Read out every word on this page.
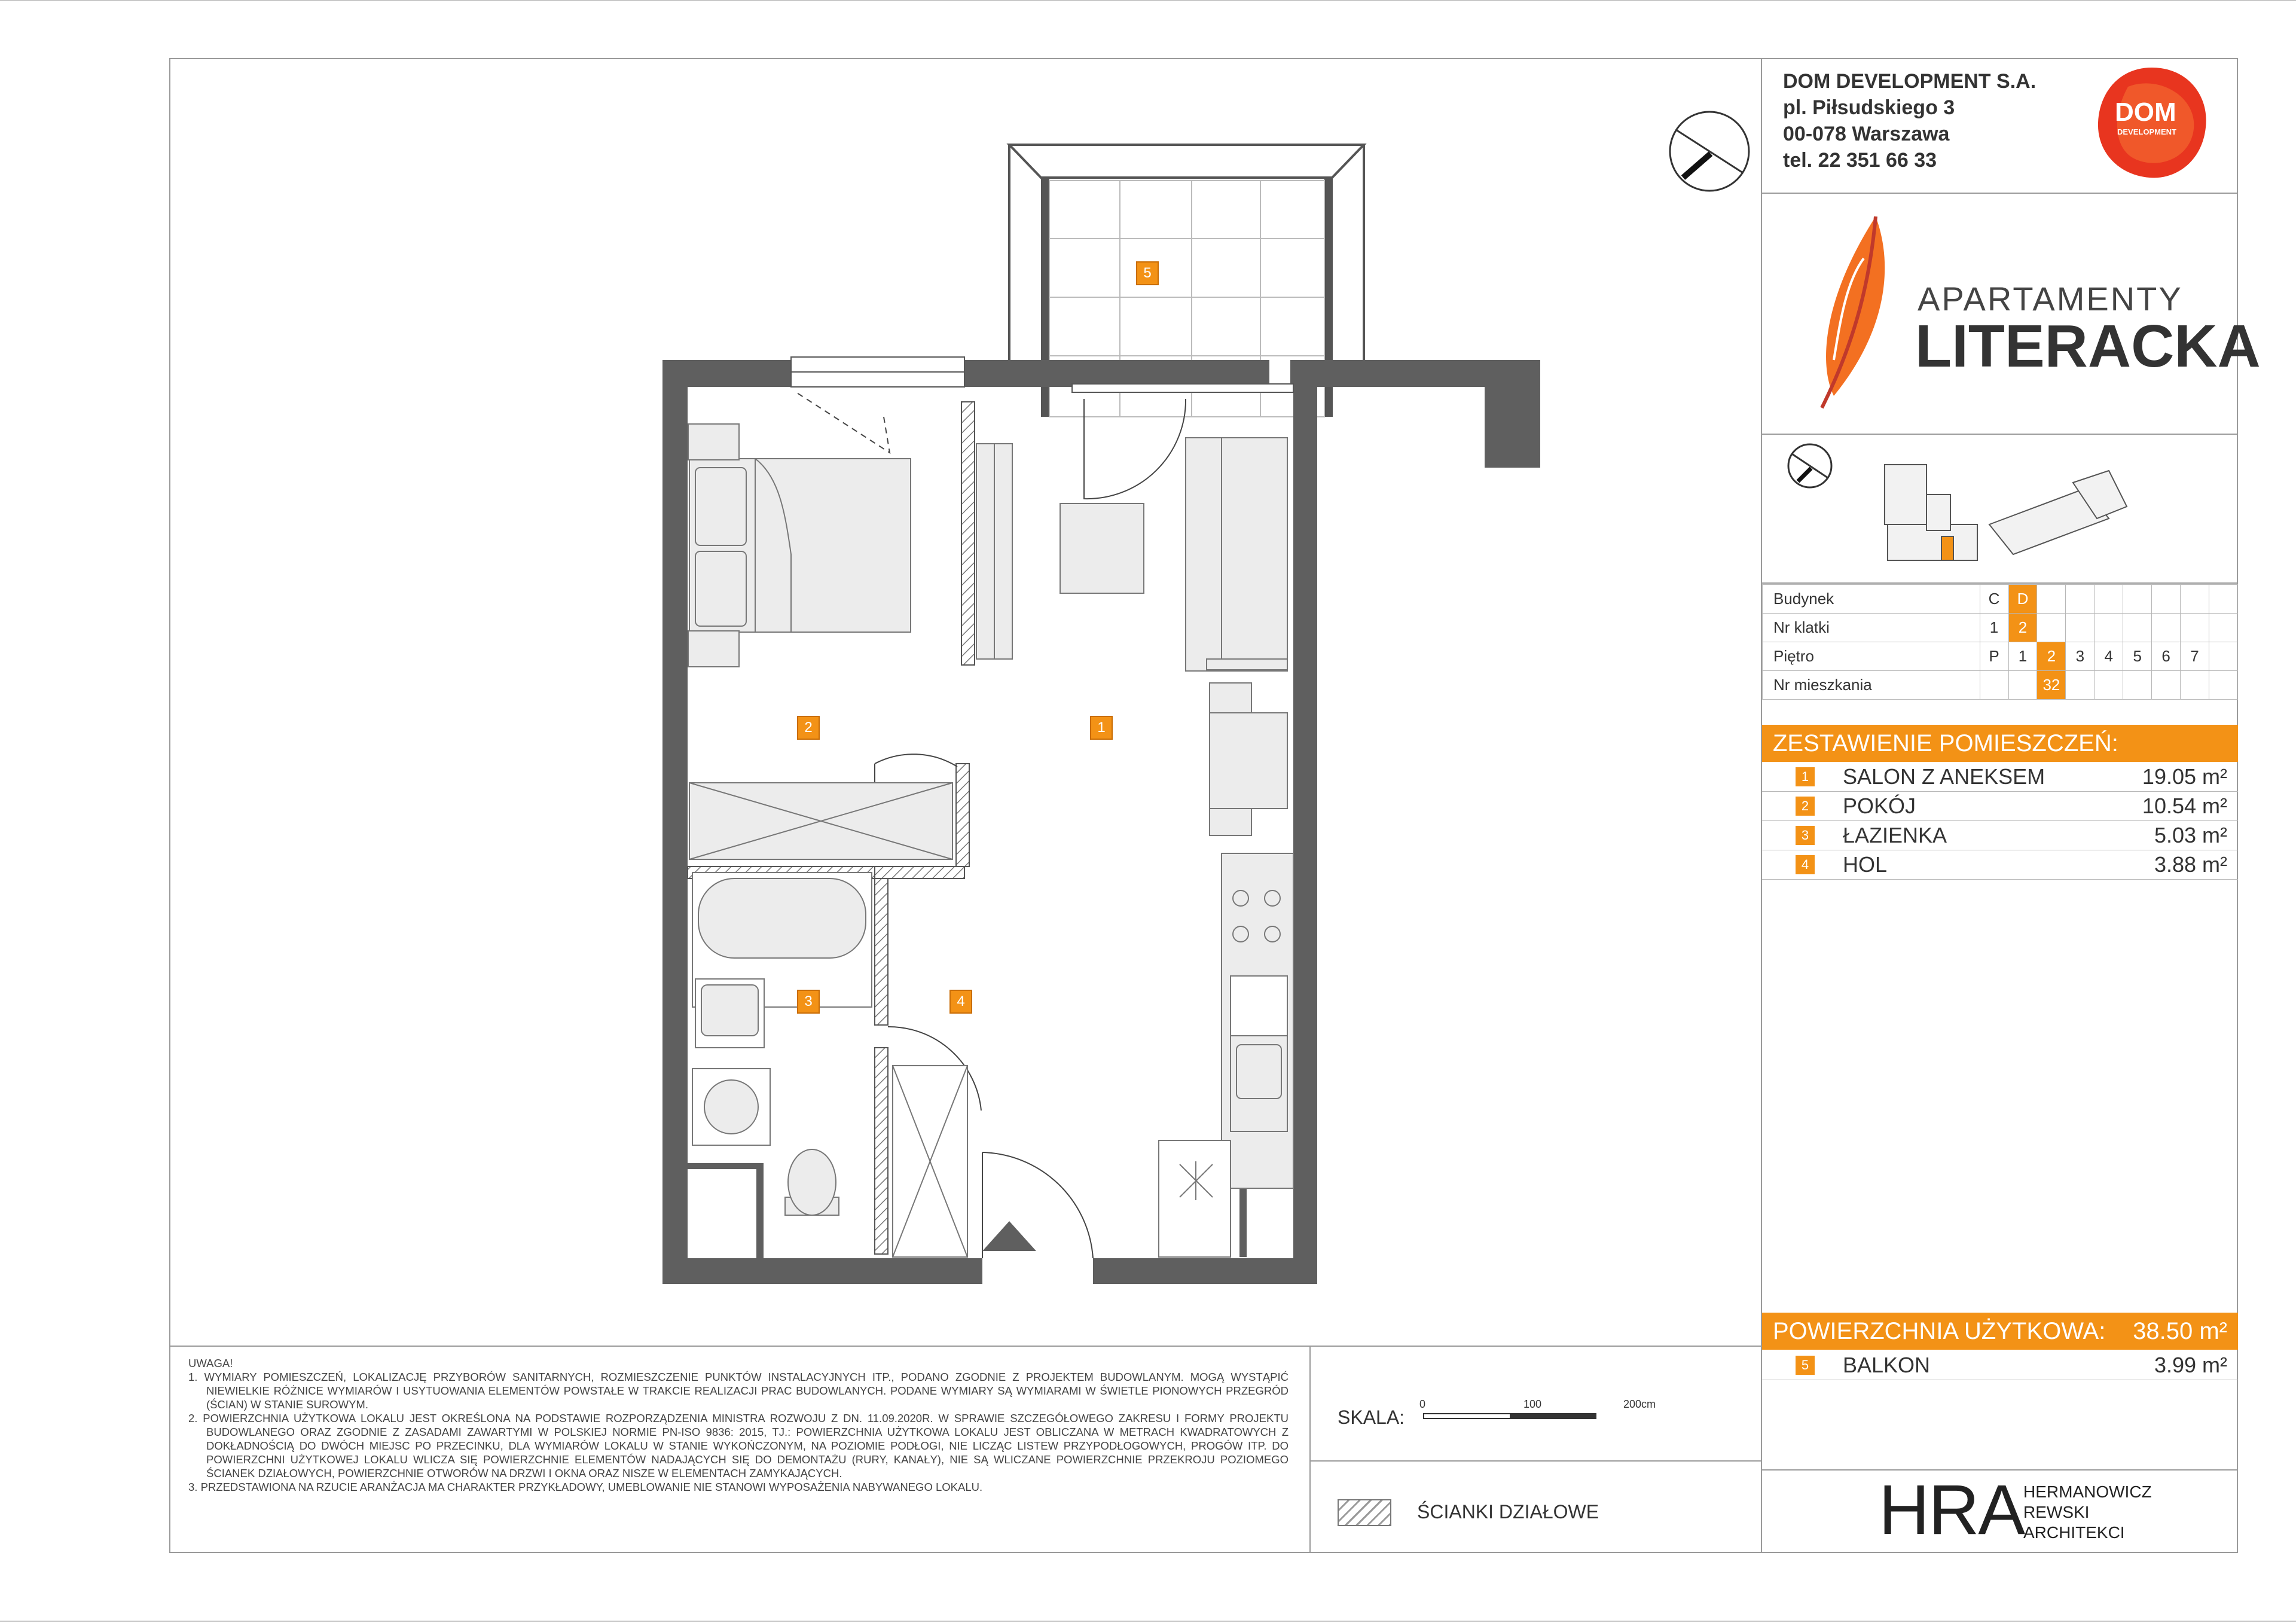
1
2
3	4
5
UWAGA!

1. WYMIARY POMIESZCZEŃ, LOKALIZACJĘ PRZYBORÓW SANITARNYCH, ROZMIESZCZENIE PUNKTÓW INSTALACYJNYCH ITP., PODANO ZGODNIE Z PROJEKTEM BUDOWLANYM. MOGĄ WYSTĄPIĆ NIEWIELKIE RÓŻNICE WYMIARÓW I USYTUOWANIA ELEMENTÓW POWSTAŁE W TRAKCIE REALIZACJI PRAC BUDOWLANYCH. PODANE WYMIARY SĄ WYMIARAMI W ŚWIETLE PIONOWYCH PRZEGRÓD (ŚCIAN) W STANIE SUROWYM.

2. POWIERZCHNIA UŻYTKOWA LOKALU JEST OKREŚLONA NA PODSTAWIE ROZPORZĄDZENIA MINISTRA ROZWOJU Z DN. 11.09.2020R. W SPRAWIE SZCZEGÓŁOWEGO ZAKRESU I FORMY PROJEKTU BUDOWLANEGO ORAZ ZGODNIE Z ZASADAMI ZAWARTYMI W POLSKIEJ NORMIE PN-ISO 9836: 2015, TJ.: POWIERZCHNIA UŻYTKOWA LOKALU JEST OBLICZANA W METRACH KWADRATOWYCH Z DOKŁADNOŚCIĄ DO DWÓCH MIEJSC PO PRZECINKU, DLA WYMIARÓW LOKALU W STANIE WYKOŃCZONYM, NA POZIOMIE PODŁOGI, NIE LICZĄC LISTEW PRZYPODŁOGOWYCH, PROGÓW ITP. DO POWIERZCHNI UŻYTKOWEJ LOKALU WLICZA SIĘ POWIERZCHNIE ELEMENTÓW NADAJĄCYCH SIĘ DO DEMONTAŻU (RURY, KANAŁY), NIE SĄ WLICZANE POWIERZCHNIE PRZEKROJU POZIOMEGO ŚCIANEK DZIAŁOWYCH, POWIERZCHNIE OTWORÓW NA DRZWI I OKNA ORAZ NISZE W ELEMENTACH ZAMYKAJĄCYCH.

3. PRZEDSTAWIONA NA RZUCIE ARANŻACJA MA CHARAKTER PRZYKŁADOWY, UMEBLOWANIE NIE STANOWI WYPOSAŻENIA NABYWANEGO LOKALU.

SKALA:
0	100	200cm
ŚCIANKI DZIAŁOWE
DOM DEVELOPMENT S.A.
pl. Piłsudskiego 3
00-078 Warszawa
tel. 22 351 66 33
DOM
DEVELOPMENT
APARTAMENTY
LITERACKA
Budynek	C	D							
Nr klatki	1	2							
Piętro	P	1	2	3	4	5	6	7	
Nr mieszkania			32						
ZESTAWIENIE POMIESZCZEŃ:
1 SALON Z ANEKSEM	19.05 m²
2 POKÓJ	10.54 m²
3 ŁAZIENKA	5.03 m²
4 HOL	3.88 m²
POWIERZCHNIA UŻYTKOWA: 38.50 m²
5 BALKON	3.99 m²
HRA
HERMANOWICZ
REWSKI
ARCHITEKCI
